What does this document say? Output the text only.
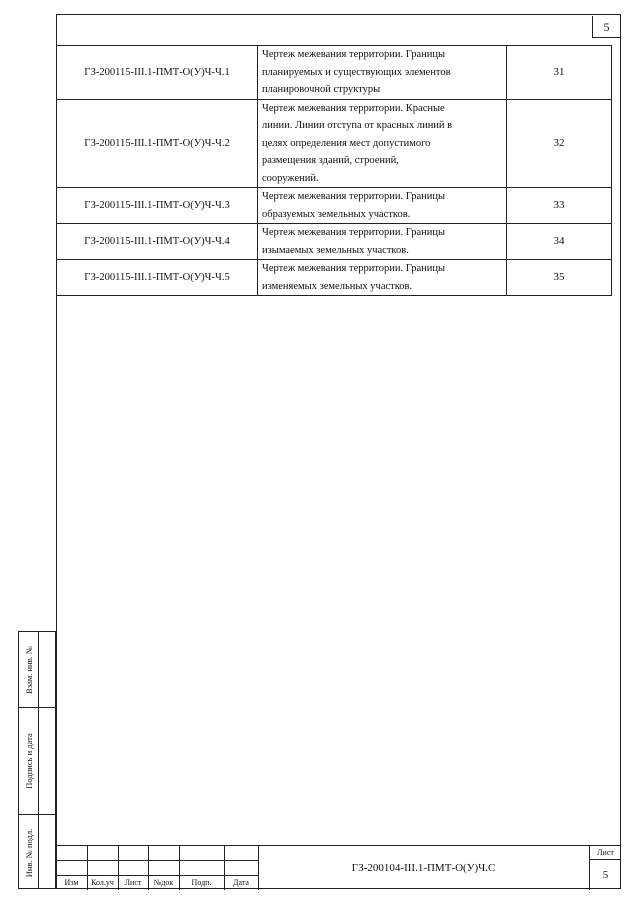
5
ГЗ-200115-III.1-ПМТ-О(У)Ч-Ч.1	Чертеж межевания территории. Границы
планируемых и существующих элементов
планировочной структуры	31
ГЗ-200115-III.1-ПМТ-О(У)Ч-Ч.2	Чертеж межевания территории. Красные
линии. Линии отступа от красных линий в
целях определения мест допустимого
размещения зданий, строений,
сооружений.	32
ГЗ-200115-III.1-ПМТ-О(У)Ч-Ч.3	Чертеж межевания территории. Границы
образуемых земельных участков.	33
ГЗ-200115-III.1-ПМТ-О(У)Ч-Ч.4	Чертеж межевания территории. Границы
изымаемых земельных участков.	34
ГЗ-200115-III.1-ПМТ-О(У)Ч-Ч.5	Чертеж межевания территории. Границы
изменяемых земельных участков.	35
Взам. инв. №
Подпись и дата
Инв. № подл.
Изм	Кол.уч	Лист	№док	Подп.	Дата
ГЗ-200104-III.1-ПМТ-О(У)Ч.С
Лист
5
